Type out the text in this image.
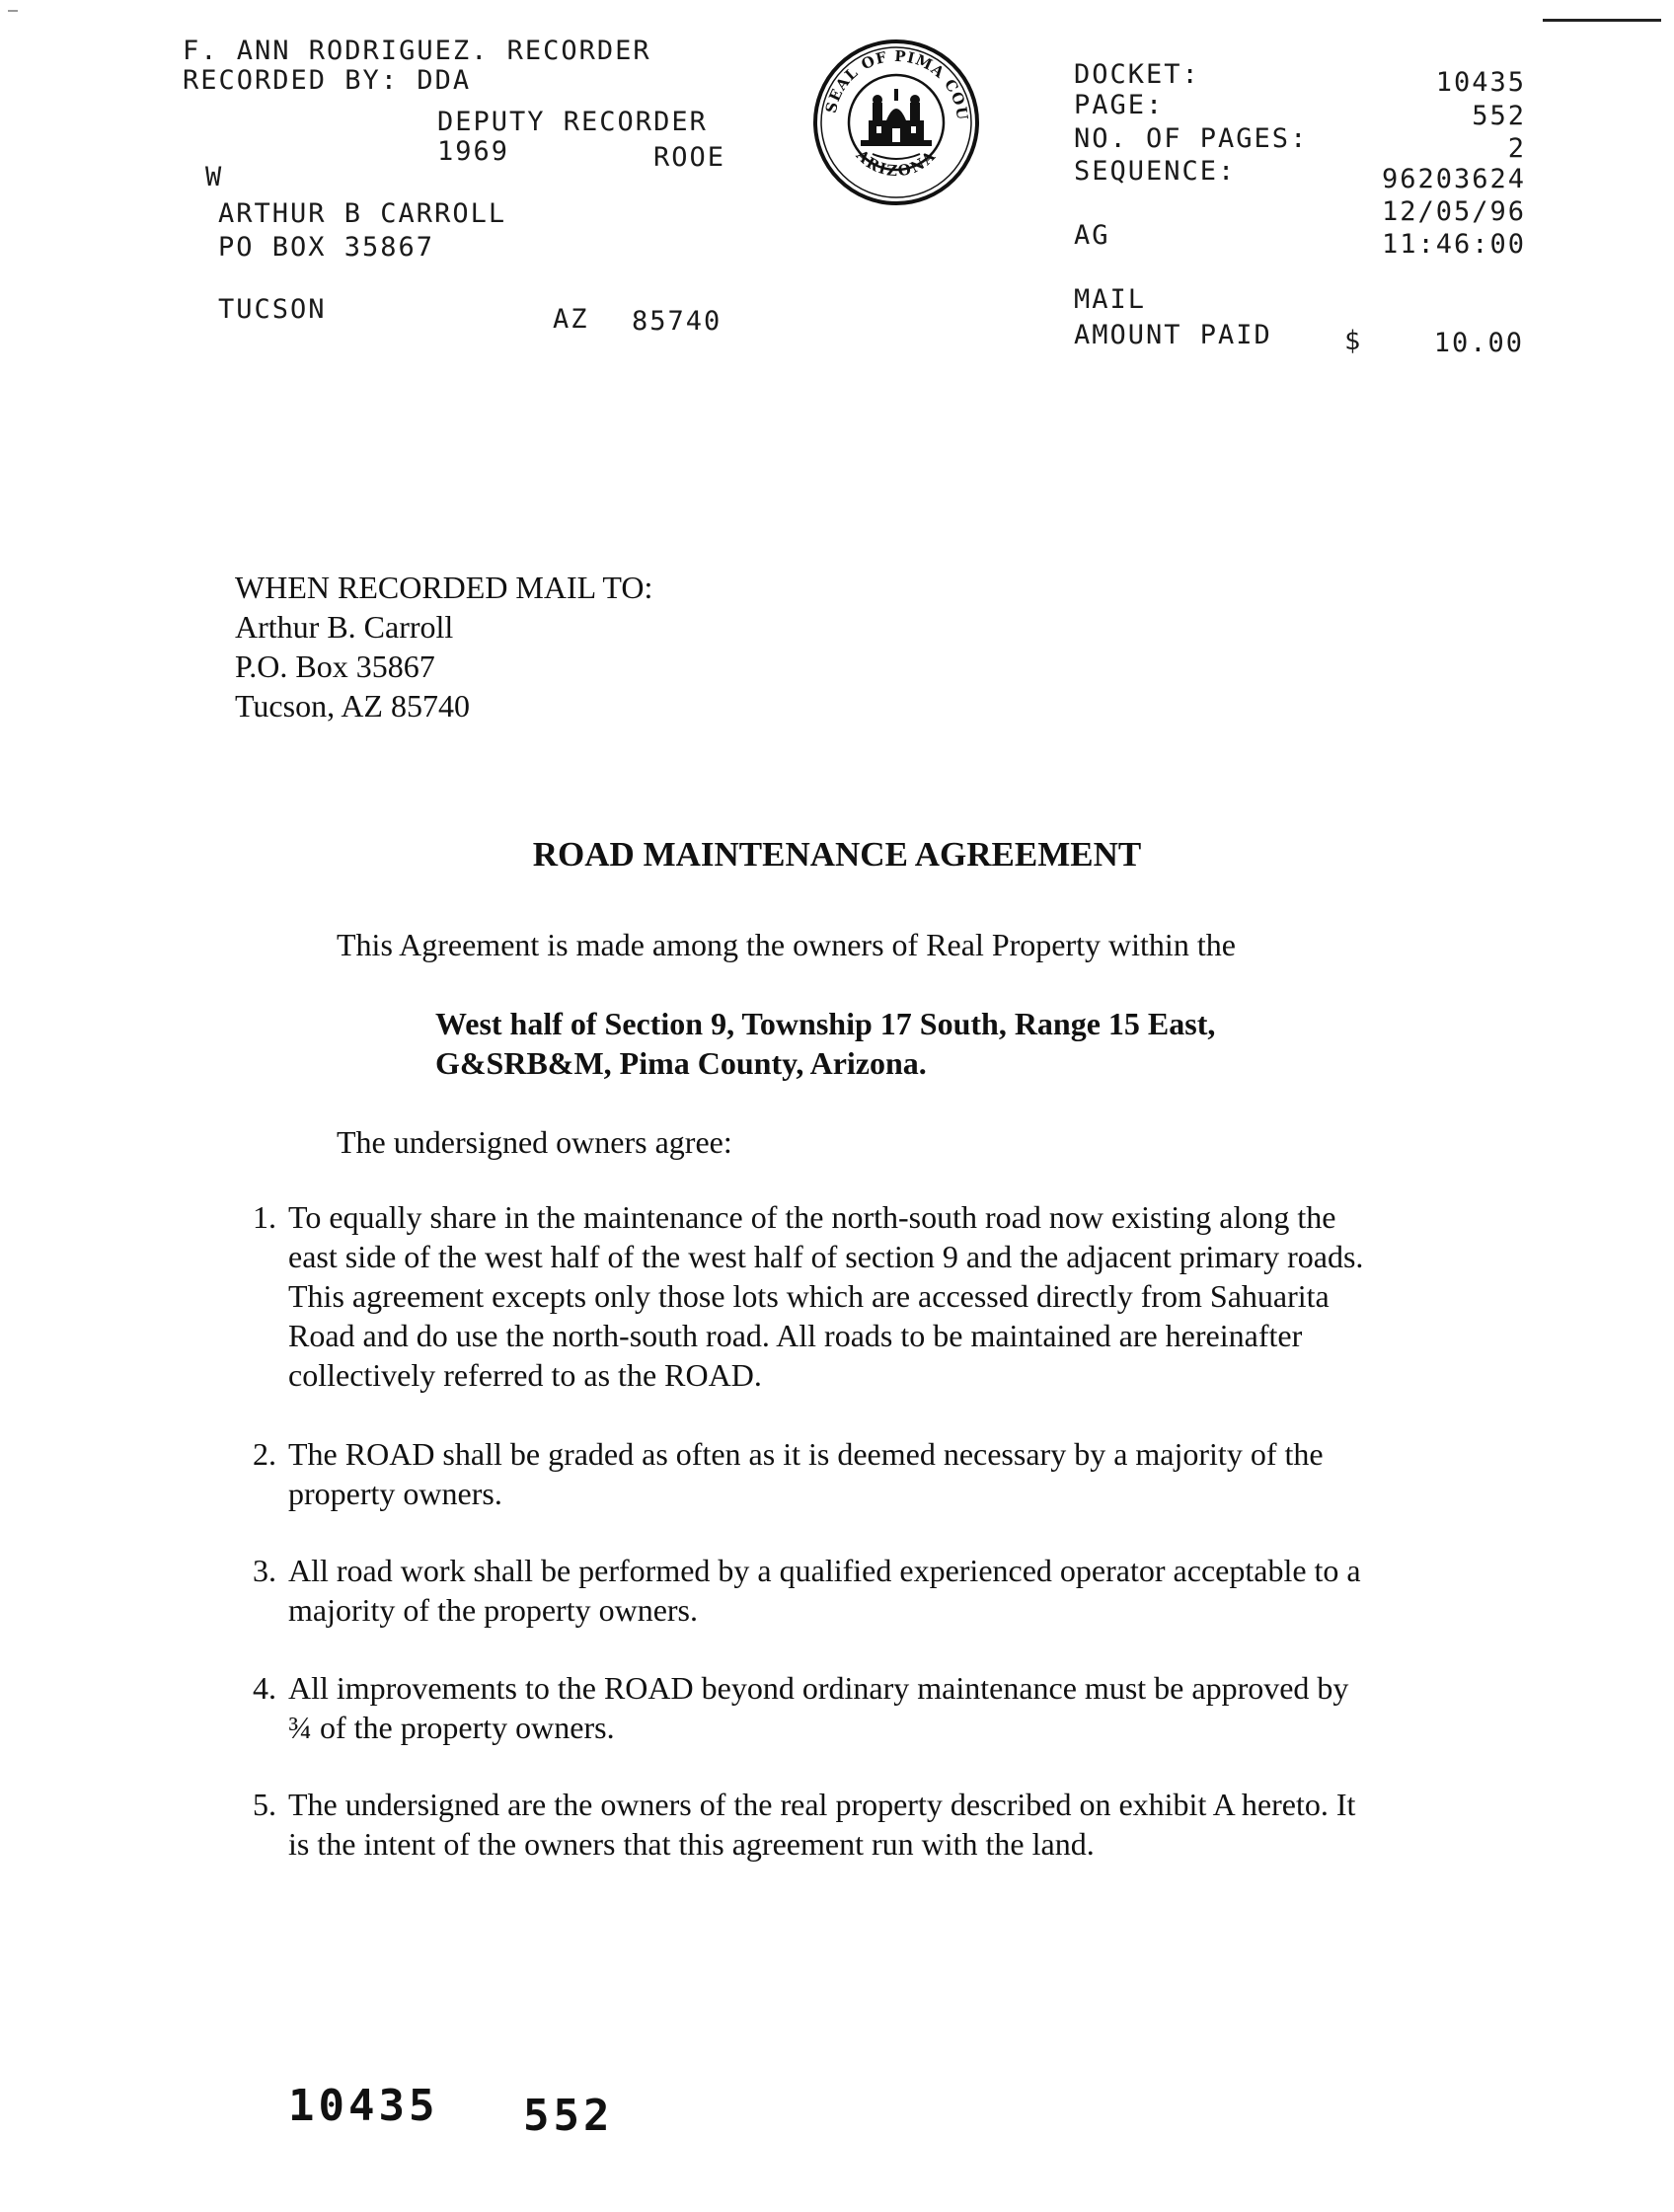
F. ANN RODRIGUEZ. RECORDER
RECORDED BY: DDA
DEPUTY RECORDER
1969	ROOE
W
ARTHUR B CARROLL
PO BOX 35867
TUCSON	AZ 85740
SEAL OF PIMA COU
ARIZONA
DOCKET:	10435
PAGE:	552
NO. OF PAGES:	2
SEQUENCE:	96203624
12/05/96
AG	11:46:00
MAIL
AMOUNT PAID	$	10.00
WHEN RECORDED MAIL TO:
Arthur B. Carroll
P.O. Box 35867
Tucson, AZ 85740
ROAD MAINTENANCE AGREEMENT
This Agreement is made among the owners of Real Property within the
West half of Section 9, Township 17 South, Range 15 East,
G&SRB&M, Pima County, Arizona.
The undersigned owners agree:
1. To equally share in the maintenance of the north-south road now existing along the
east side of the west half of the west half of section 9 and the adjacent primary roads.
This agreement excepts only those lots which are accessed directly from Sahuarita
Road and do use the north-south road. All roads to be maintained are hereinafter
collectively referred to as the ROAD.
2. The ROAD shall be graded as often as it is deemed necessary by a majority of the
property owners.
3. All road work shall be performed by a qualified experienced operator acceptable to a
majority of the property owners.
4. All improvements to the ROAD beyond ordinary maintenance must be approved by
¾ of the property owners.
5. The undersigned are the owners of the real property described on exhibit A hereto. It
is the intent of the owners that this agreement run with the land.
10435 552
